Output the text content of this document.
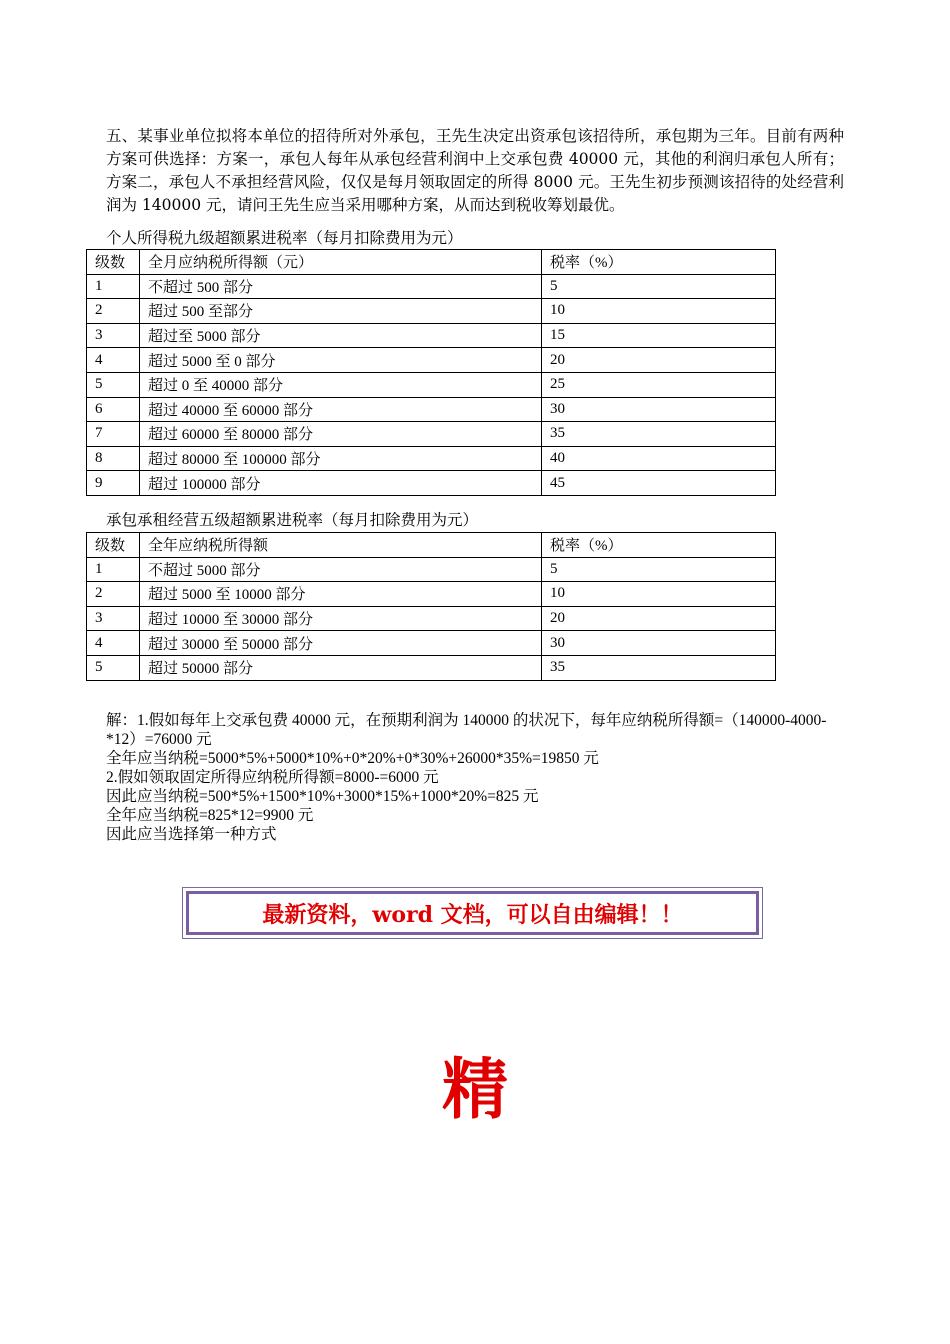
五、某事业单位拟将本单位的招待所对外承包，王先生决定出资承包该招待所，承包期为三年。目前有两种方案可供选择：方案一，承包人每年从承包经营利润中上交承包费 40000 元，其他的利润归承包人所有；方案二，承包人不承担经营风险，仅仅是每月领取固定的所得 8000 元。王先生初步预测该招待的处经营利润为 140000 元，请问王先生应当采用哪种方案，从而达到税收筹划最优。

个人所得税九级超额累进税率（每月扣除费用为元）

级数	全月应纳税所得额（元）	税率（%）
1	不超过 500 部分	5
2	超过 500 至部分	10
3	超过至 5000 部分	15
4	超过 5000 至 0 部分	20
5	超过 0 至 40000 部分	25
6	超过 40000 至 60000 部分	30
7	超过 60000 至 80000 部分	35
8	超过 80000 至 100000 部分	40
9	超过 100000 部分	45

承包承租经营五级超额累进税率（每月扣除费用为元）

级数	全年应纳税所得额	税率（%）
1	不超过 5000 部分	5
2	超过 5000 至 10000 部分	10
3	超过 10000 至 30000 部分	20
4	超过 30000 至 50000 部分	30
5	超过 50000 部分	35

解：1.假如每年上交承包费 40000 元，在预期利润为 140000 的状况下，每年应纳税所得额=（140000-4000-*12）=76000 元

全年应当纳税=5000*5%+5000*10%+0*20%+0*30%+26000*35%=19850 元

2.假如领取固定所得应纳税所得额=8000-=6000 元

因此应当纳税=500*5%+1500*10%+3000*15%+1000*20%=825 元

全年应当纳税=825*12=9900 元

因此应当选择第一种方式

最新资料，word 文档，可以自由编辑！！
精
